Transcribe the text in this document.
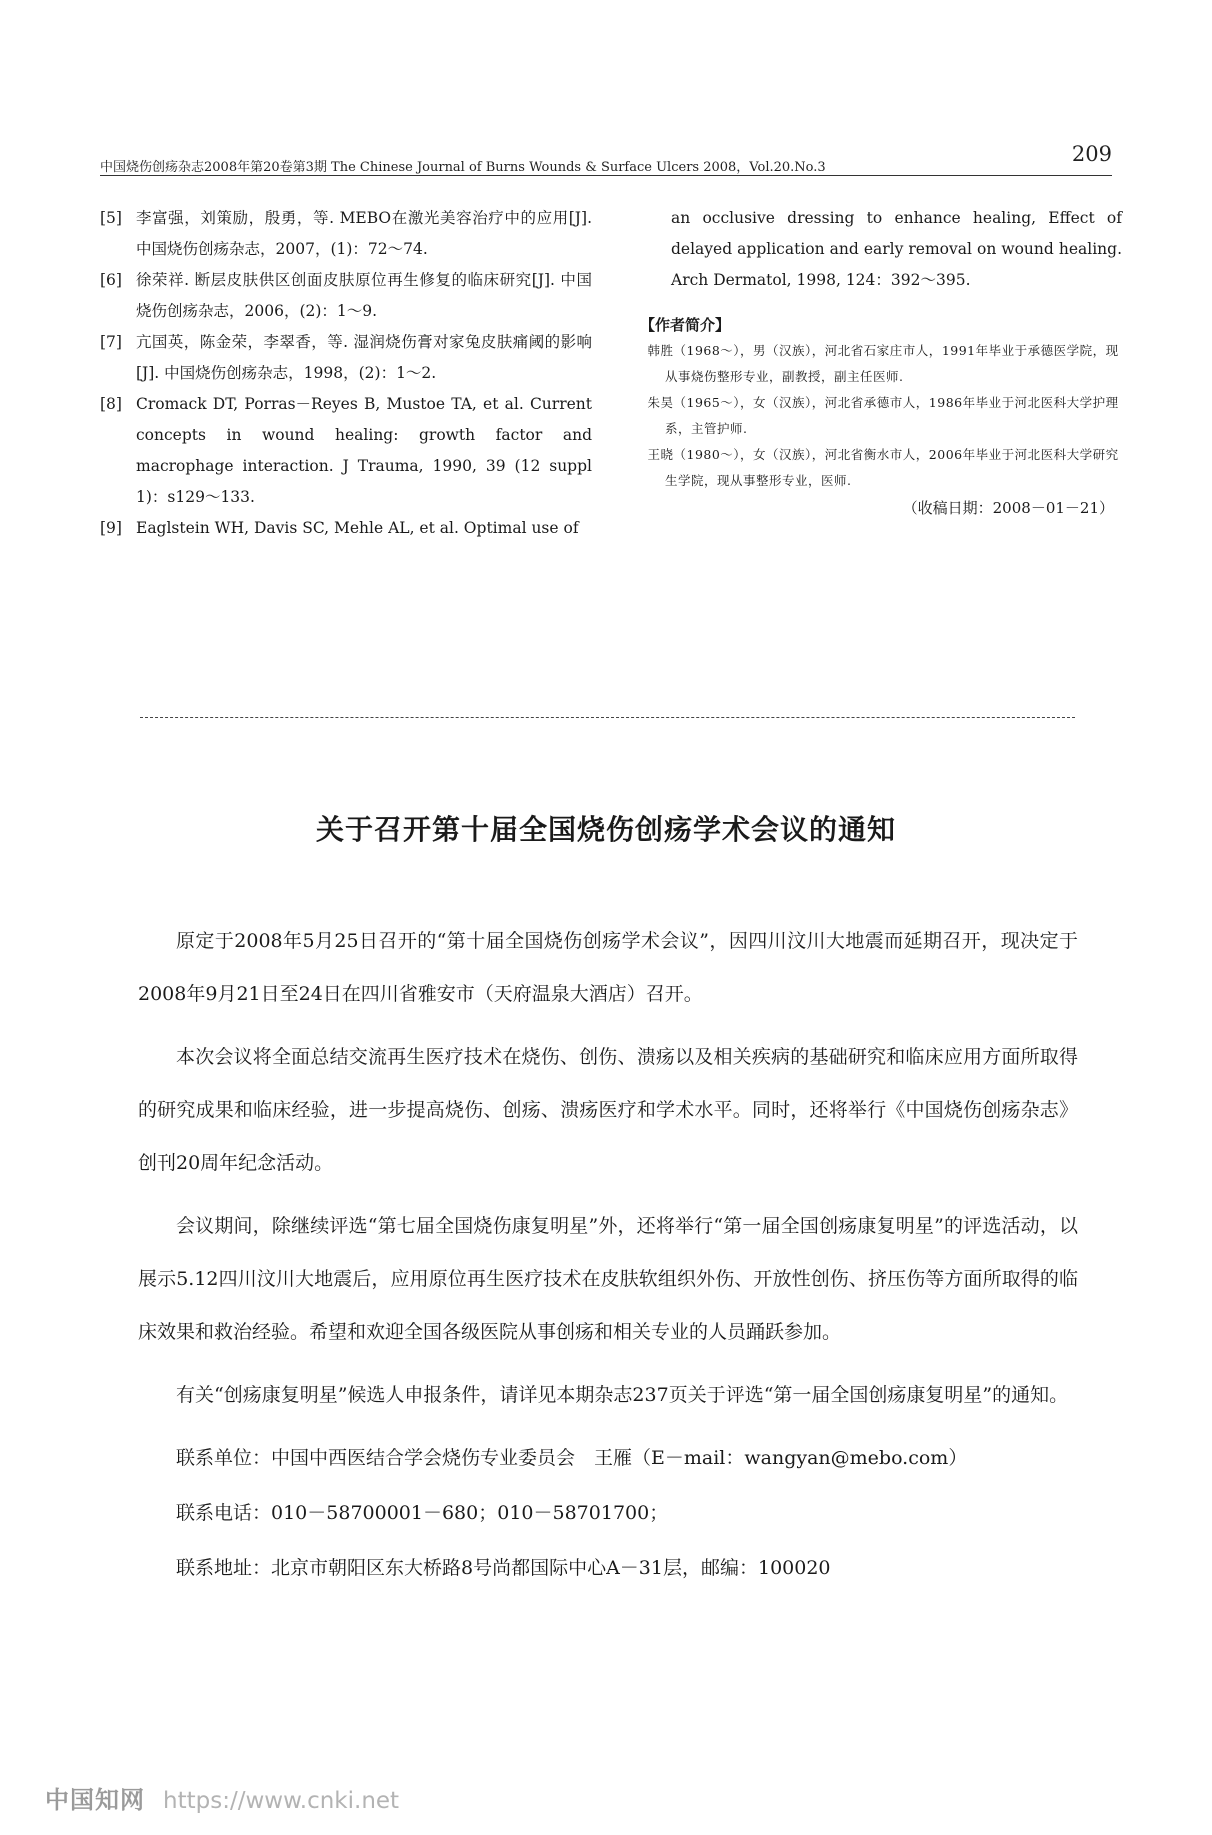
中国烧伤创疡杂志2008年第20卷第3期 The Chinese Journal of Burns Wounds & Surface Ulcers 2008，Vol.20.No.3
209
[5] 李富强，刘策励，殷勇，等. MEBO在激光美容治疗中的应用[J]. 中国烧伤创疡杂志，2007，(1)：72～74.
[6] 徐荣祥. 断层皮肤供区创面皮肤原位再生修复的临床研究[J]. 中国烧伤创疡杂志，2006，(2)：1～9.
[7] 亢国英，陈金荣，李翠香，等. 湿润烧伤膏对家兔皮肤痛阈的影响[J]. 中国烧伤创疡杂志，1998，(2)：1～2.
[8] Cromack DT, Porras－Reyes B, Mustoe TA, et al. Current concepts in wound healing: growth factor and macrophage interaction. J Trauma, 1990, 39 (12 suppl 1)：s129～133.
[9] Eaglstein WH, Davis SC, Mehle AL, et al. Optimal use of
an occlusive dressing to enhance healing, Effect of delayed application and early removal on wound healing. Arch Dermatol, 1998, 124：392～395.
【作者简介】
韩胜（1968～），男（汉族），河北省石家庄市人，1991年毕业于承德医学院，现从事烧伤整形专业，副教授，副主任医师.
朱昊（1965～），女（汉族），河北省承德市人，1986年毕业于河北医科大学护理系，主管护师.
王晓（1980～），女（汉族），河北省衡水市人，2006年毕业于河北医科大学研究生学院，现从事整形专业，医师.
（收稿日期：2008－01－21）
关于召开第十届全国烧伤创疡学术会议的通知

原定于2008年5月25日召开的“第十届全国烧伤创疡学术会议”，因四川汶川大地震而延期召开，现决定于2008年9月21日至24日在四川省雅安市（天府温泉大酒店）召开。

本次会议将全面总结交流再生医疗技术在烧伤、创伤、溃疡以及相关疾病的基础研究和临床应用方面所取得的研究成果和临床经验，进一步提高烧伤、创疡、溃疡医疗和学术水平。同时，还将举行《中国烧伤创疡杂志》创刊20周年纪念活动。

会议期间，除继续评选“第七届全国烧伤康复明星”外，还将举行“第一届全国创疡康复明星”的评选活动，以展示5.12四川汶川大地震后，应用原位再生医疗技术在皮肤软组织外伤、开放性创伤、挤压伤等方面所取得的临床效果和救治经验。希望和欢迎全国各级医院从事创疡和相关专业的人员踊跃参加。

有关“创疡康复明星”候选人申报条件，请详见本期杂志237页关于评选“第一届全国创疡康复明星”的通知。

联系单位：中国中西医结合学会烧伤专业委员会　王雁（E－mail：wangyan@mebo.com）

联系电话：010－58700001－680；010－58701700；

联系地址：北京市朝阳区东大桥路8号尚都国际中心A－31层，邮编：100020

中国知网 https://www.cnki.net
